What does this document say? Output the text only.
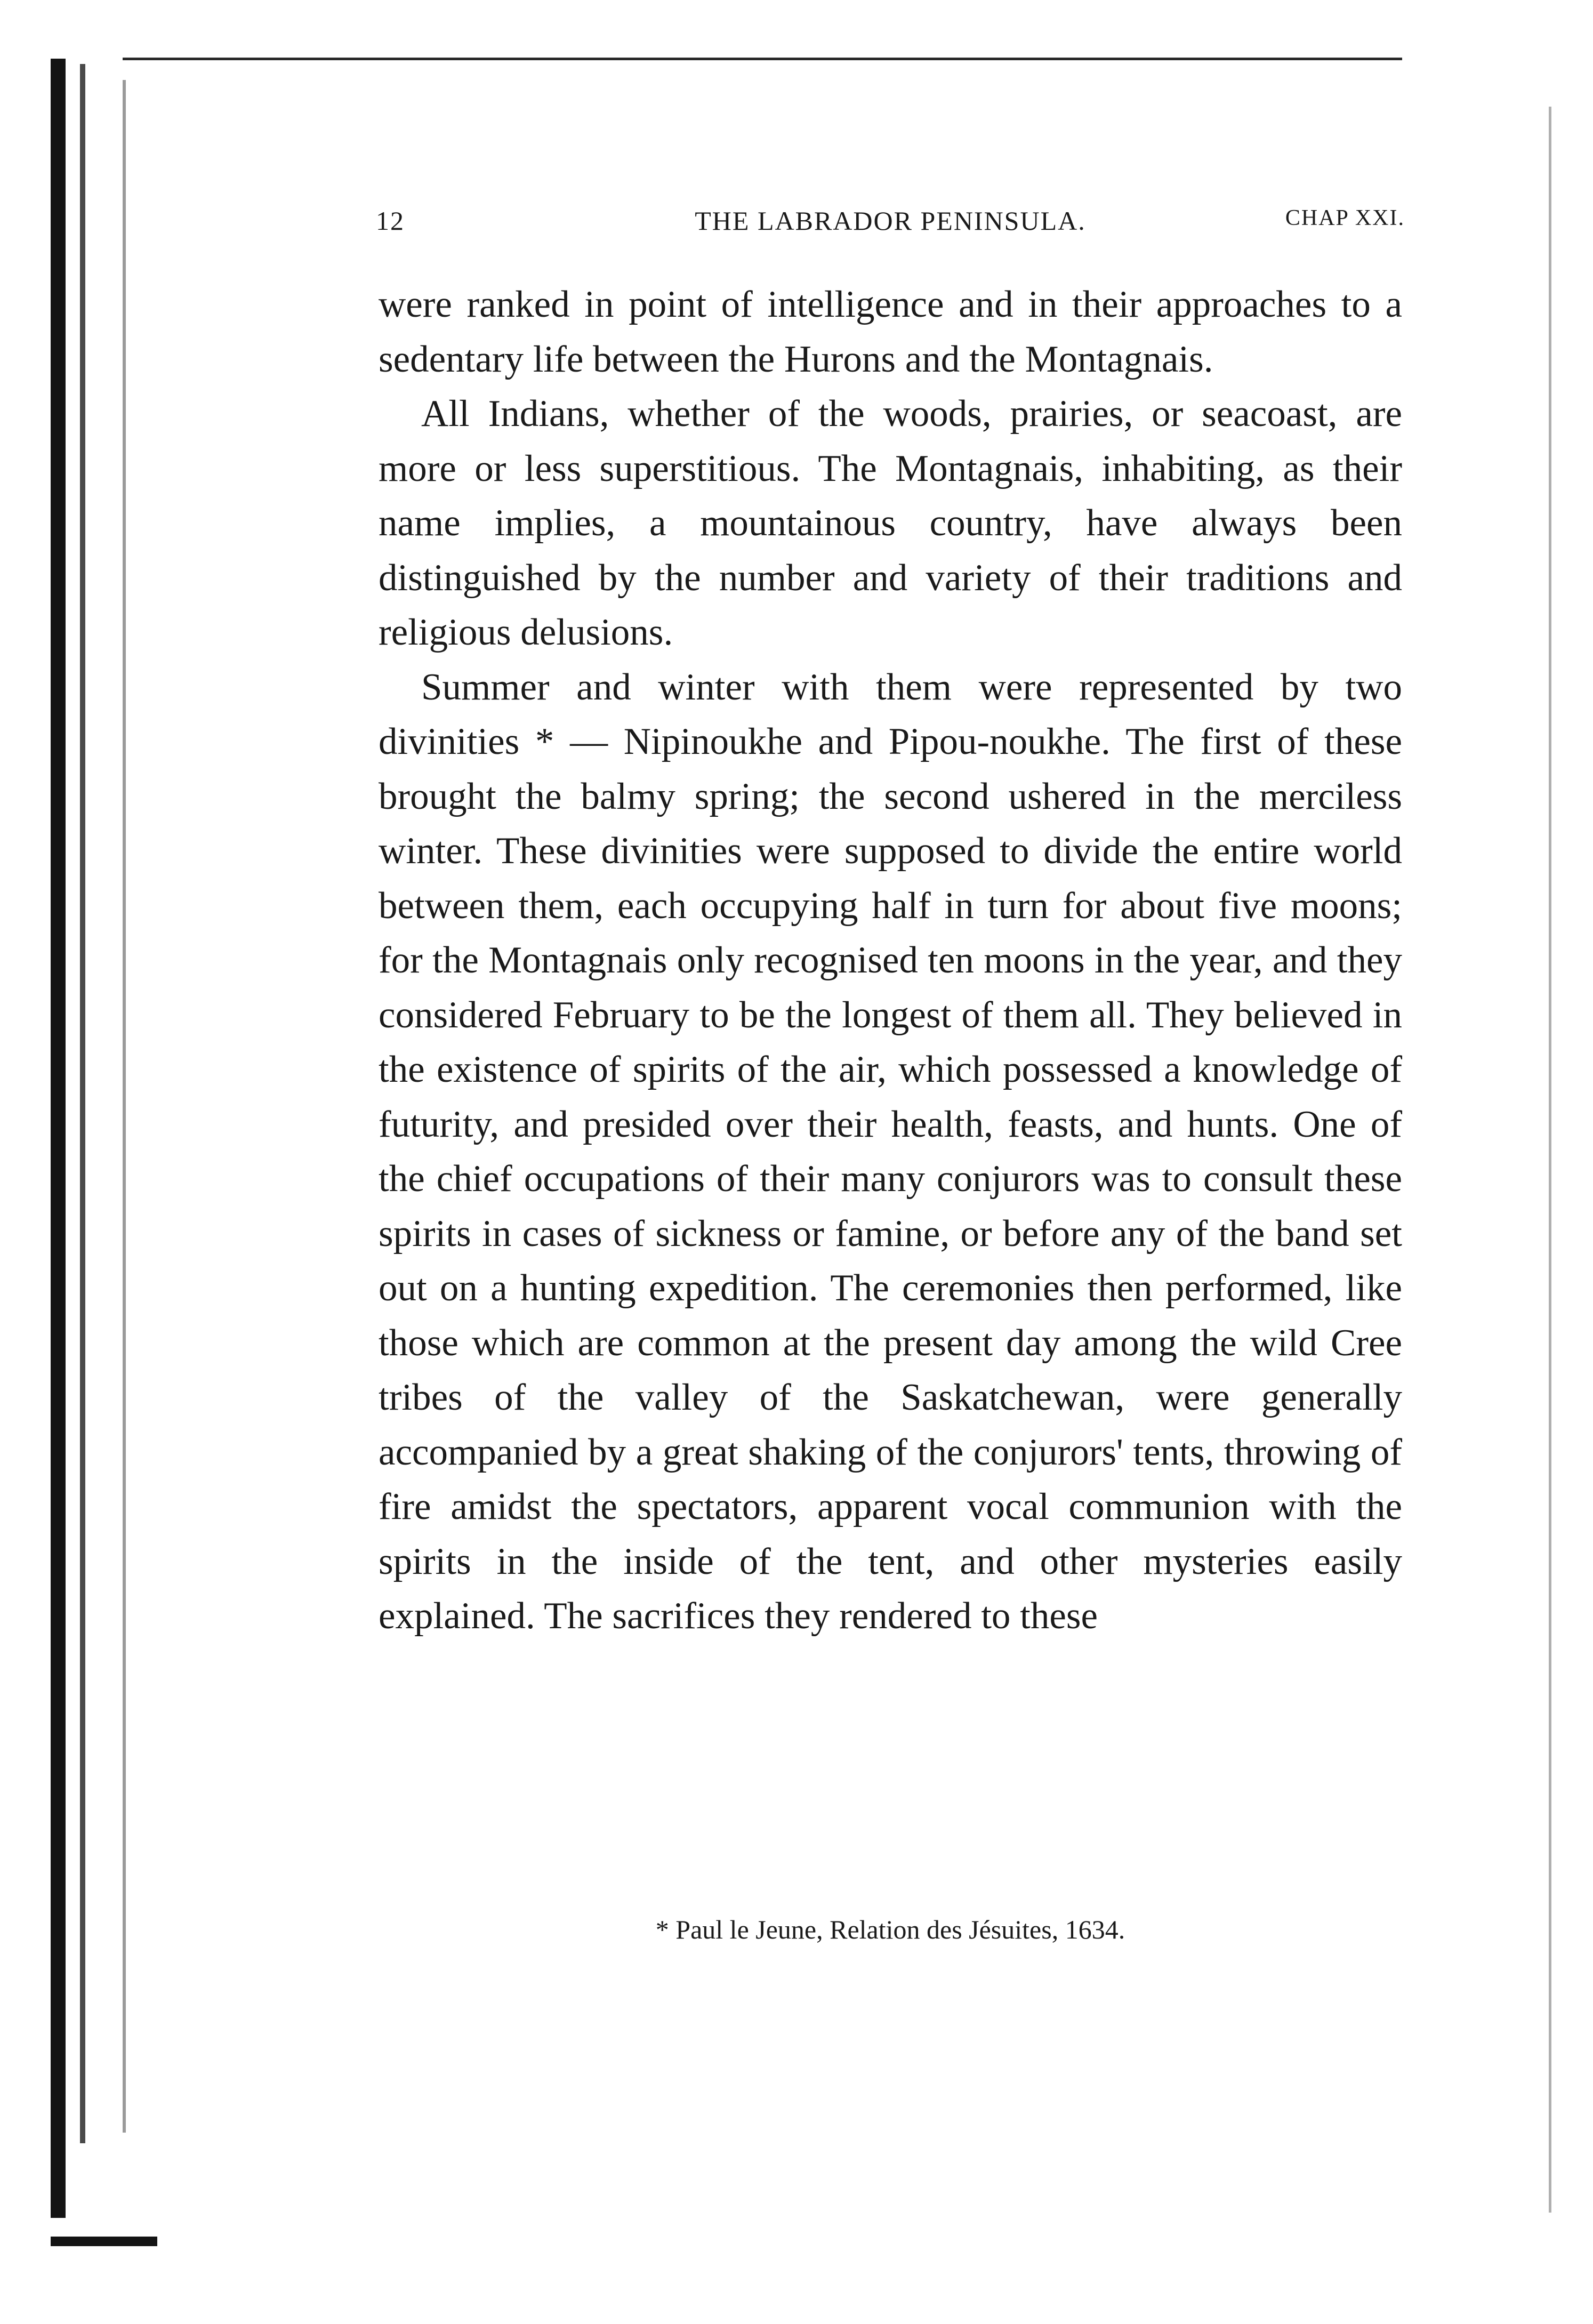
12	THE LABRADOR PENINSULA.	CHAP XXI.

were ranked in point of intelligence and in their approaches to a sedentary life between the Hurons and the Montagnais.

All Indians, whether of the woods, prairies, or seacoast, are more or less superstitious. The Montagnais, inhabiting, as their name implies, a mountainous country, have always been distinguished by the number and variety of their traditions and religious delusions.

Summer and winter with them were represented by two divinities * — Nipinoukhe and Pipou-noukhe. The first of these brought the balmy spring; the second ushered in the merciless winter. These divinities were supposed to divide the entire world between them, each occupying half in turn for about five moons; for the Montagnais only recognised ten moons in the year, and they considered February to be the longest of them all. They believed in the existence of spirits of the air, which possessed a knowledge of futurity, and presided over their health, feasts, and hunts. One of the chief occupations of their many conjurors was to consult these spirits in cases of sickness or famine, or before any of the band set out on a hunting expedition. The ceremonies then performed, like those which are common at the present day among the wild Cree tribes of the valley of the Saskatchewan, were generally accompanied by a great shaking of the conjurors' tents, throwing of fire amidst the spectators, apparent vocal communion with the spirits in the inside of the tent, and other mysteries easily explained. The sacrifices they rendered to these

* Paul le Jeune, Relation des Jésuites, 1634.
